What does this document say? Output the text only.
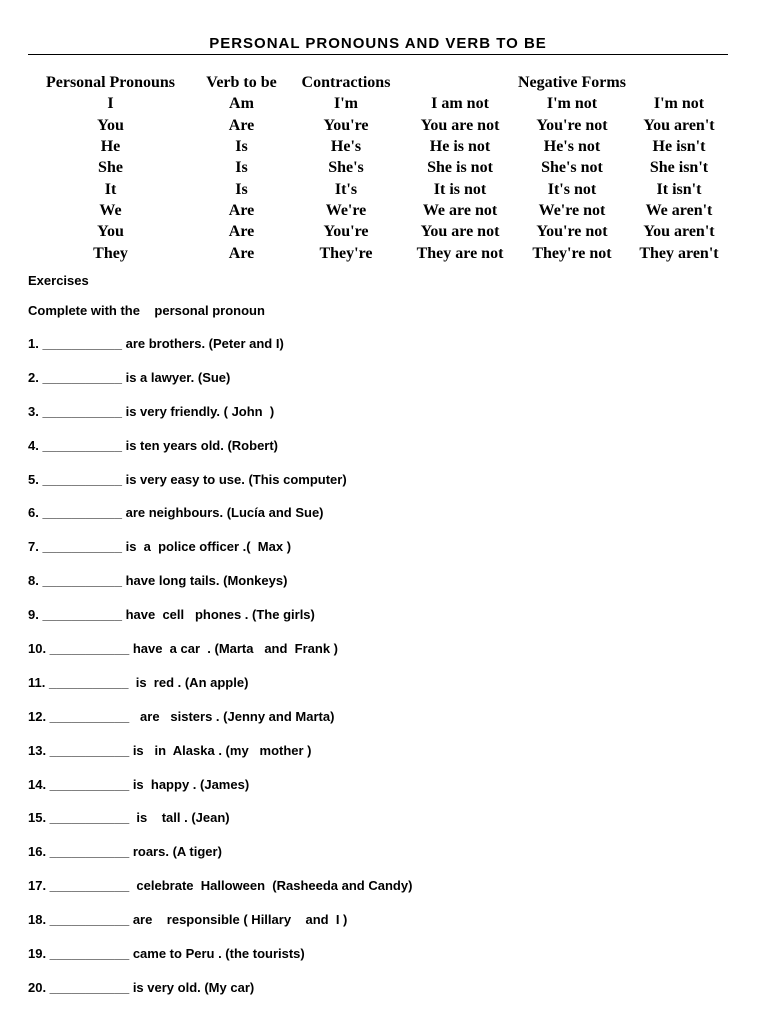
PERSONAL PRONOUNS AND VERB TO BE
Personal Pronouns	Verb to be	Contractions		Negative Forms	
I	Am	I'm	I am not	I'm not	I'm not
You	Are	You're	You are not	You're not	You aren't
He	Is	He's	He is not	He's not	He isn't
She	Is	She's	She is not	She's not	She isn't
It	Is	It's	It is not	It's not	It isn't
We	Are	We're	We are not	We're not	We aren't
You	Are	You're	You are not	You're not	You aren't
They	Are	They're	They are not	They're not	They aren't
Exercises
Complete with the    personal pronoun
1. ___________ are brothers. (Peter and I)
2. ___________ is a lawyer. (Sue)
3. ___________ is very friendly. ( John  )
4. ___________ is ten years old. (Robert)
5. ___________ is very easy to use. (This computer)
6. ___________ are neighbours. (Lucía and Sue)
7. ___________ is  a  police officer .(  Max )
8. ___________ have long tails. (Monkeys)
9. ___________ have  cell   phones . (The girls)
10. ___________ have  a car  . (Marta   and  Frank )
11. ___________  is  red . (An apple)
12. ___________   are   sisters . (Jenny and Marta)
13. ___________ is   in  Alaska . (my   mother )
14. ___________ is  happy . (James)
15. ___________  is    tall . (Jean)
16. ___________ roars. (A tiger)
17. ___________  celebrate  Halloween  (Rasheeda and Candy)
18. ___________ are    responsible ( Hillary    and  I )
19. ___________ came to Peru . (the tourists)
20. ___________ is very old. (My car)
